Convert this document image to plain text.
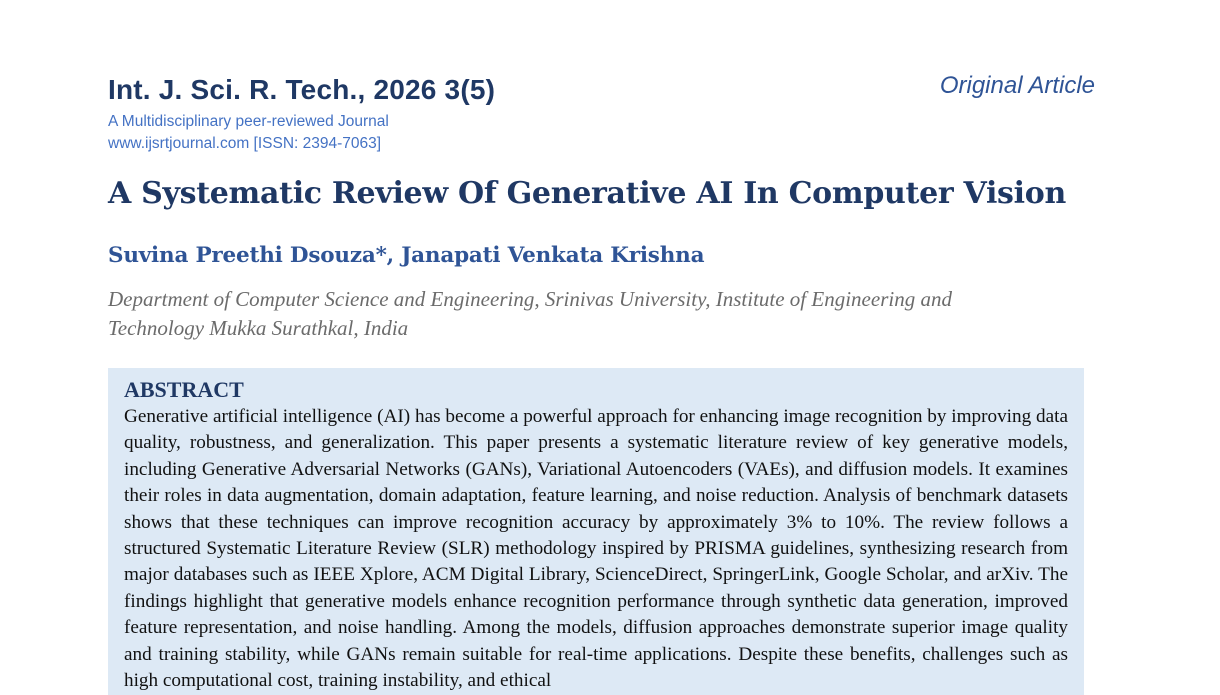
Int. J. Sci. R. Tech., 2026 3(5)	Original Article
A Multidisciplinary peer-reviewed Journal
www.ijsrtjournal.com [ISSN: 2394-7063]
A Systematic Review Of Generative AI In Computer Vision
Suvina Preethi Dsouza*, Janapati Venkata Krishna
Department of Computer Science and Engineering, Srinivas University, Institute of Engineering and Technology Mukka Surathkal, India
ABSTRACT

Generative artificial intelligence (AI) has become a powerful approach for enhancing image recognition by improving data quality, robustness, and generalization. This paper presents a systematic literature review of key generative models, including Generative Adversarial Networks (GANs), Variational Autoencoders (VAEs), and diffusion models. It examines their roles in data augmentation, domain adaptation, feature learning, and noise reduction. Analysis of benchmark datasets shows that these techniques can improve recognition accuracy by approximately 3% to 10%. The review follows a structured Systematic Literature Review (SLR) methodology inspired by PRISMA guidelines, synthesizing research from major databases such as IEEE Xplore, ACM Digital Library, ScienceDirect, SpringerLink, Google Scholar, and arXiv. The findings highlight that generative models enhance recognition performance through synthetic data generation, improved feature representation, and noise handling. Among the models, diffusion approaches demonstrate superior image quality and training stability, while GANs remain suitable for real-time applications. Despite these benefits, challenges such as high computational cost, training instability, and ethical
